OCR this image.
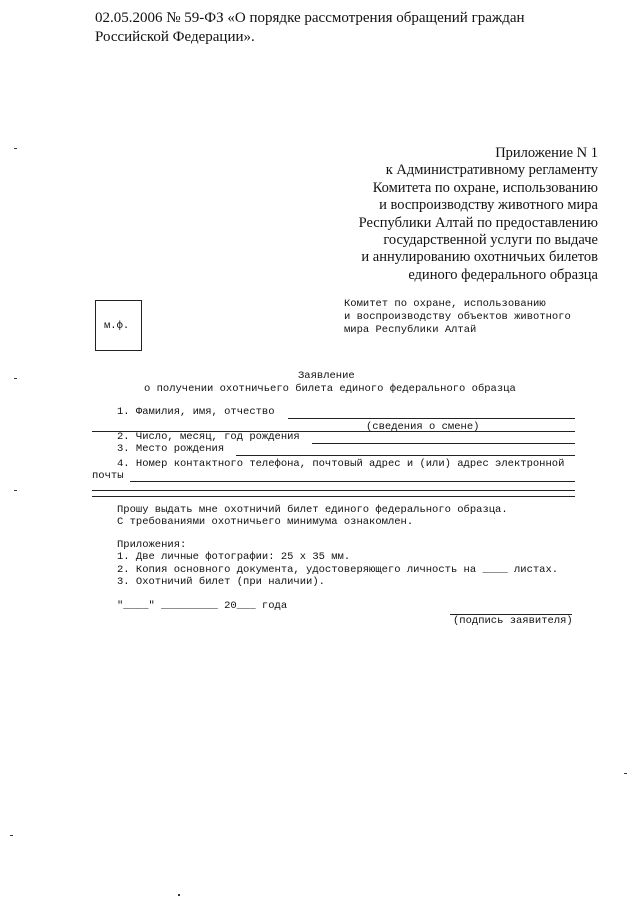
02.05.2006 № 59-ФЗ «О порядке рассмотрения обращений граждан
Российской Федерации».
Приложение N 1
к Административному регламенту
Комитета по охране, использованию
и воспроизводству животного мира
Республики Алтай по предоставлению
государственной услуги по выдаче
и аннулированию охотничьих билетов
единого федерального образца
м.ф.
Комитет по охране, использованию
и воспроизводству объектов животного
мира Республики Алтай
Заявление
о получении охотничьего билета единого федерального образца
1. Фамилия, имя, отчество
(сведения о смене)
2. Число, месяц, год рождения
3. Место рождения
4. Номер контактного телефона, почтовый адрес и (или) адрес электронной
почты
Прошу выдать мне охотничий билет единого федерального образца.
С требованиями охотничьего минимума ознакомлен.
Приложения:
1. Две личные фотографии: 25 х 35 мм.
2. Копия основного документа, удостоверяющего личность на ____ листах.
3. Охотничий билет (при наличии).
"____" _________ 20___ года
(подпись заявителя)
